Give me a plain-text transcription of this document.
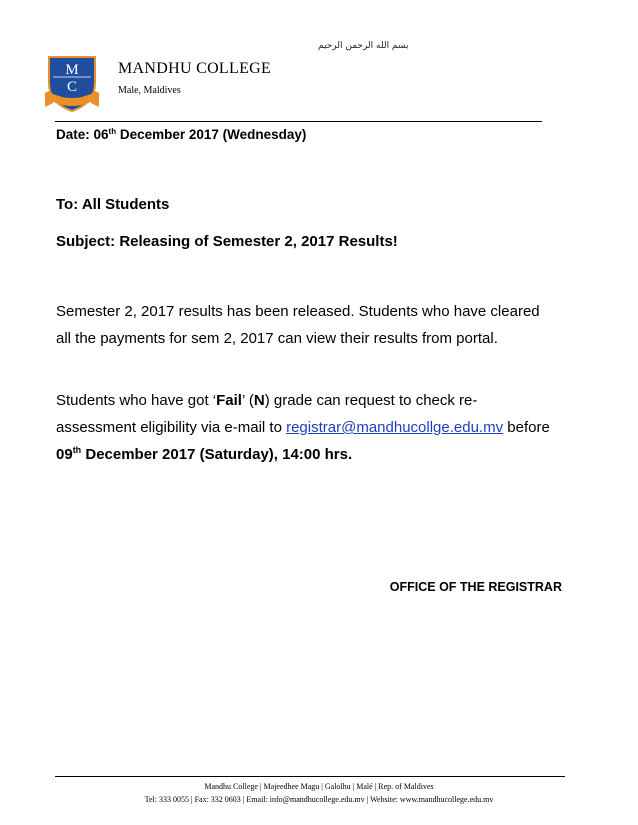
بسم الله الرحمن الرحيم
M
C
MANDHU COLLEGE
Male, Maldives
Date: 06th December 2017 (Wednesday)
To: All Students
Subject: Releasing of Semester 2, 2017 Results!
Semester 2, 2017 results has been released. Students who have cleared all the payments for sem 2, 2017 can view their results from portal.
Students who have got ‘Fail’ (N) grade can request to check re-assessment eligibility via e-mail to registrar@mandhucollge.edu.mv before 09th December 2017 (Saturday), 14:00 hrs.
OFFICE OF THE REGISTRAR
Mandhu College | Majeedhee Magu | Galolhu | Malé | Rep. of Maldives
Tel: 333 0055 | Fax: 332 0603 | Email: info@mandhucollege.edu.mv | Website: www.mandhucollege.edu.mv
